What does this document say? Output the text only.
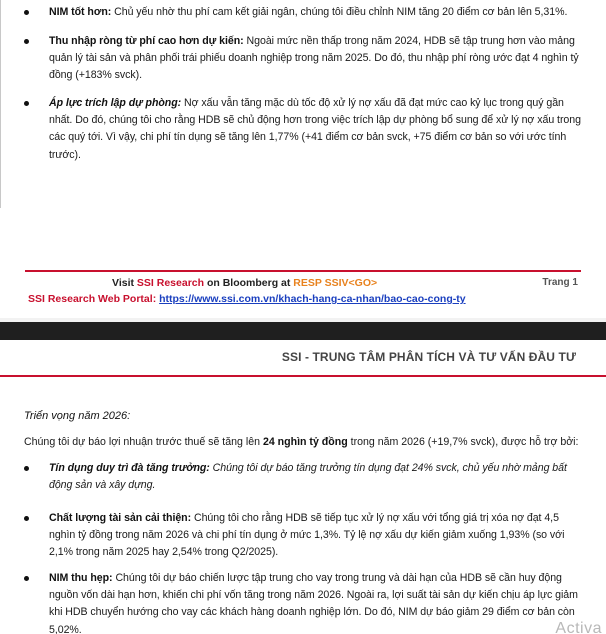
NIM tốt hơn: Chủ yếu nhờ thu phí cam kết giải ngân, chúng tôi điều chỉnh NIM tăng 20 điểm cơ bản lên 5,31%.
Thu nhập ròng từ phí cao hơn dự kiến: Ngoài mức nền thấp trong năm 2024, HDB sẽ tập trung hơn vào mảng quản lý tài sản và phân phối trái phiếu doanh nghiệp trong năm 2025. Do đó, thu nhập phí ròng ước đạt 4 nghìn tỷ đồng (+183% svck).
Áp lực trích lập dự phòng: Nợ xấu vẫn tăng mặc dù tốc độ xử lý nợ xấu đã đạt mức cao kỷ lục trong quý gần nhất. Do đó, chúng tôi cho rằng HDB sẽ chủ động hơn trong việc trích lập dự phòng bổ sung để xử lý nợ xấu trong các quý tới. Vì vậy, chi phí tín dụng sẽ tăng lên 1,77% (+41 điểm cơ bản svck, +75 điểm cơ bản so với ước tính trước).
Visit SSI Research on Bloomberg at RESP SSIV<GO>	Trang 1
SSI Research Web Portal: https://www.ssi.com.vn/khach-hang-ca-nhan/bao-cao-cong-ty
SSI - TRUNG TÂM PHÂN TÍCH VÀ TƯ VẤN ĐẦU TƯ
Triển vọng năm 2026:
Chúng tôi dự báo lợi nhuận trước thuế sẽ tăng lên 24 nghìn tỷ đồng trong năm 2026 (+19,7% svck), được hỗ trợ bởi:
Tín dụng duy trì đà tăng trưởng: Chúng tôi dự báo tăng trưởng tín dụng đạt 24% svck, chủ yếu nhờ mảng bất động sản và xây dựng.
Chất lượng tài sản cải thiện: Chúng tôi cho rằng HDB sẽ tiếp tục xử lý nợ xấu với tổng giá trị xóa nợ đạt 4,5 nghìn tỷ đồng trong năm 2026 và chi phí tín dụng ở mức 1,3%. Tỷ lệ nợ xấu dự kiến giảm xuống 1,93% (so với 2,1% trong năm 2025 hay 2,54% trong Q2/2025).
NIM thu hẹp: Chúng tôi dự báo chiến lược tập trung cho vay trong trung và dài hạn của HDB sẽ cần huy động nguồn vốn dài hạn hơn, khiến chi phí vốn tăng trong năm 2026. Ngoài ra, lợi suất tài sản dự kiến chịu áp lực giảm khi HDB chuyển hướng cho vay các khách hàng doanh nghiệp lớn. Do đó, NIM dự báo giảm 29 điểm cơ bản còn 5,02%.	Activa
